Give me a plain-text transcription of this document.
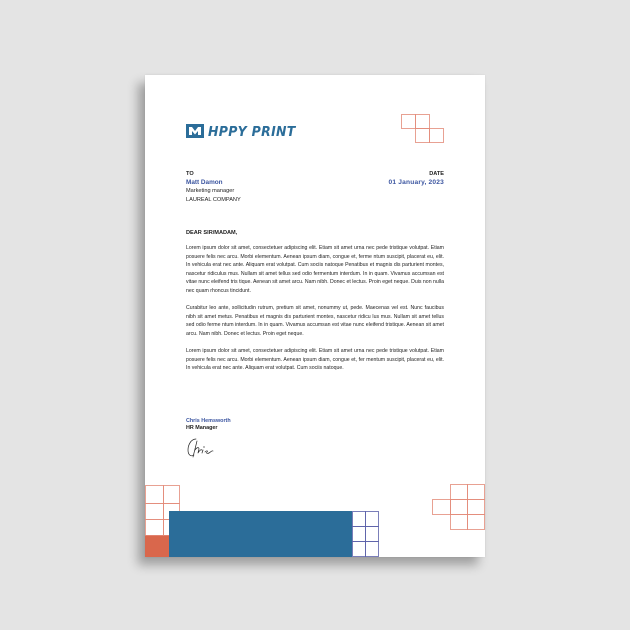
HPPY PRINT
TO
Matt Damon
Marketing manager
LAUREAL COMPANY
DATE
01 January, 2023

DEAR SIR/MADAM,

Lorem ipsum dolor sit amet, consectetuer adipiscing elit. Etiam sit amet urna nec pede tristique volutpat. Etiam posuere felis nec arcu. Morbi elementum. Aenean ipsum diam, congue et, ferme ntum suscipit, placerat eu, elit. In vehicula erat nec ante. Aliquam erat volutpat. Cum sociis natoque Penatibus et magnis dis parturient montes, nascetur ridiculus mus. Nullam sit amet tellus sed odio fermentum interdum. In in quam. Vivamus accumsan est vitae nunc eleifend tris tique. Aenean sit amet arcu. Nam nibh. Donec et lectus. Proin eget neque. Duis non nulla nec quam rhoncus tincidunt.

Curabitur leo ante, sollicitudin rutrum, pretium sit amet, nonummy ut, pede. Maecenas vel est. Nunc faucibus nibh sit amet metus. Penatibus et magnis dis parturient montes, nascetur ridicu lus mus. Nullam sit amet tellus sed odio ferme ntum interdum. In in quam. Vivamus accumsan est vitae nunc eleifend tristique. Aenean sit amet arcu. Nam nibh. Donec et lectus. Proin eget neque.

Lorem ipsum dolor sit amet, consectetuer adipiscing elit. Etiam sit amet urna nec pede tristique volutpat. Etiam posuere felis nec arcu. Morbi elementum. Aenean ipsum diam, congue et, fer mentum suscipit, placerat eu, elit. In vehicula erat nec ante. Aliquam erat volutpat. Cum sociis natoque.

Chris Hemsworth
HR Manager
